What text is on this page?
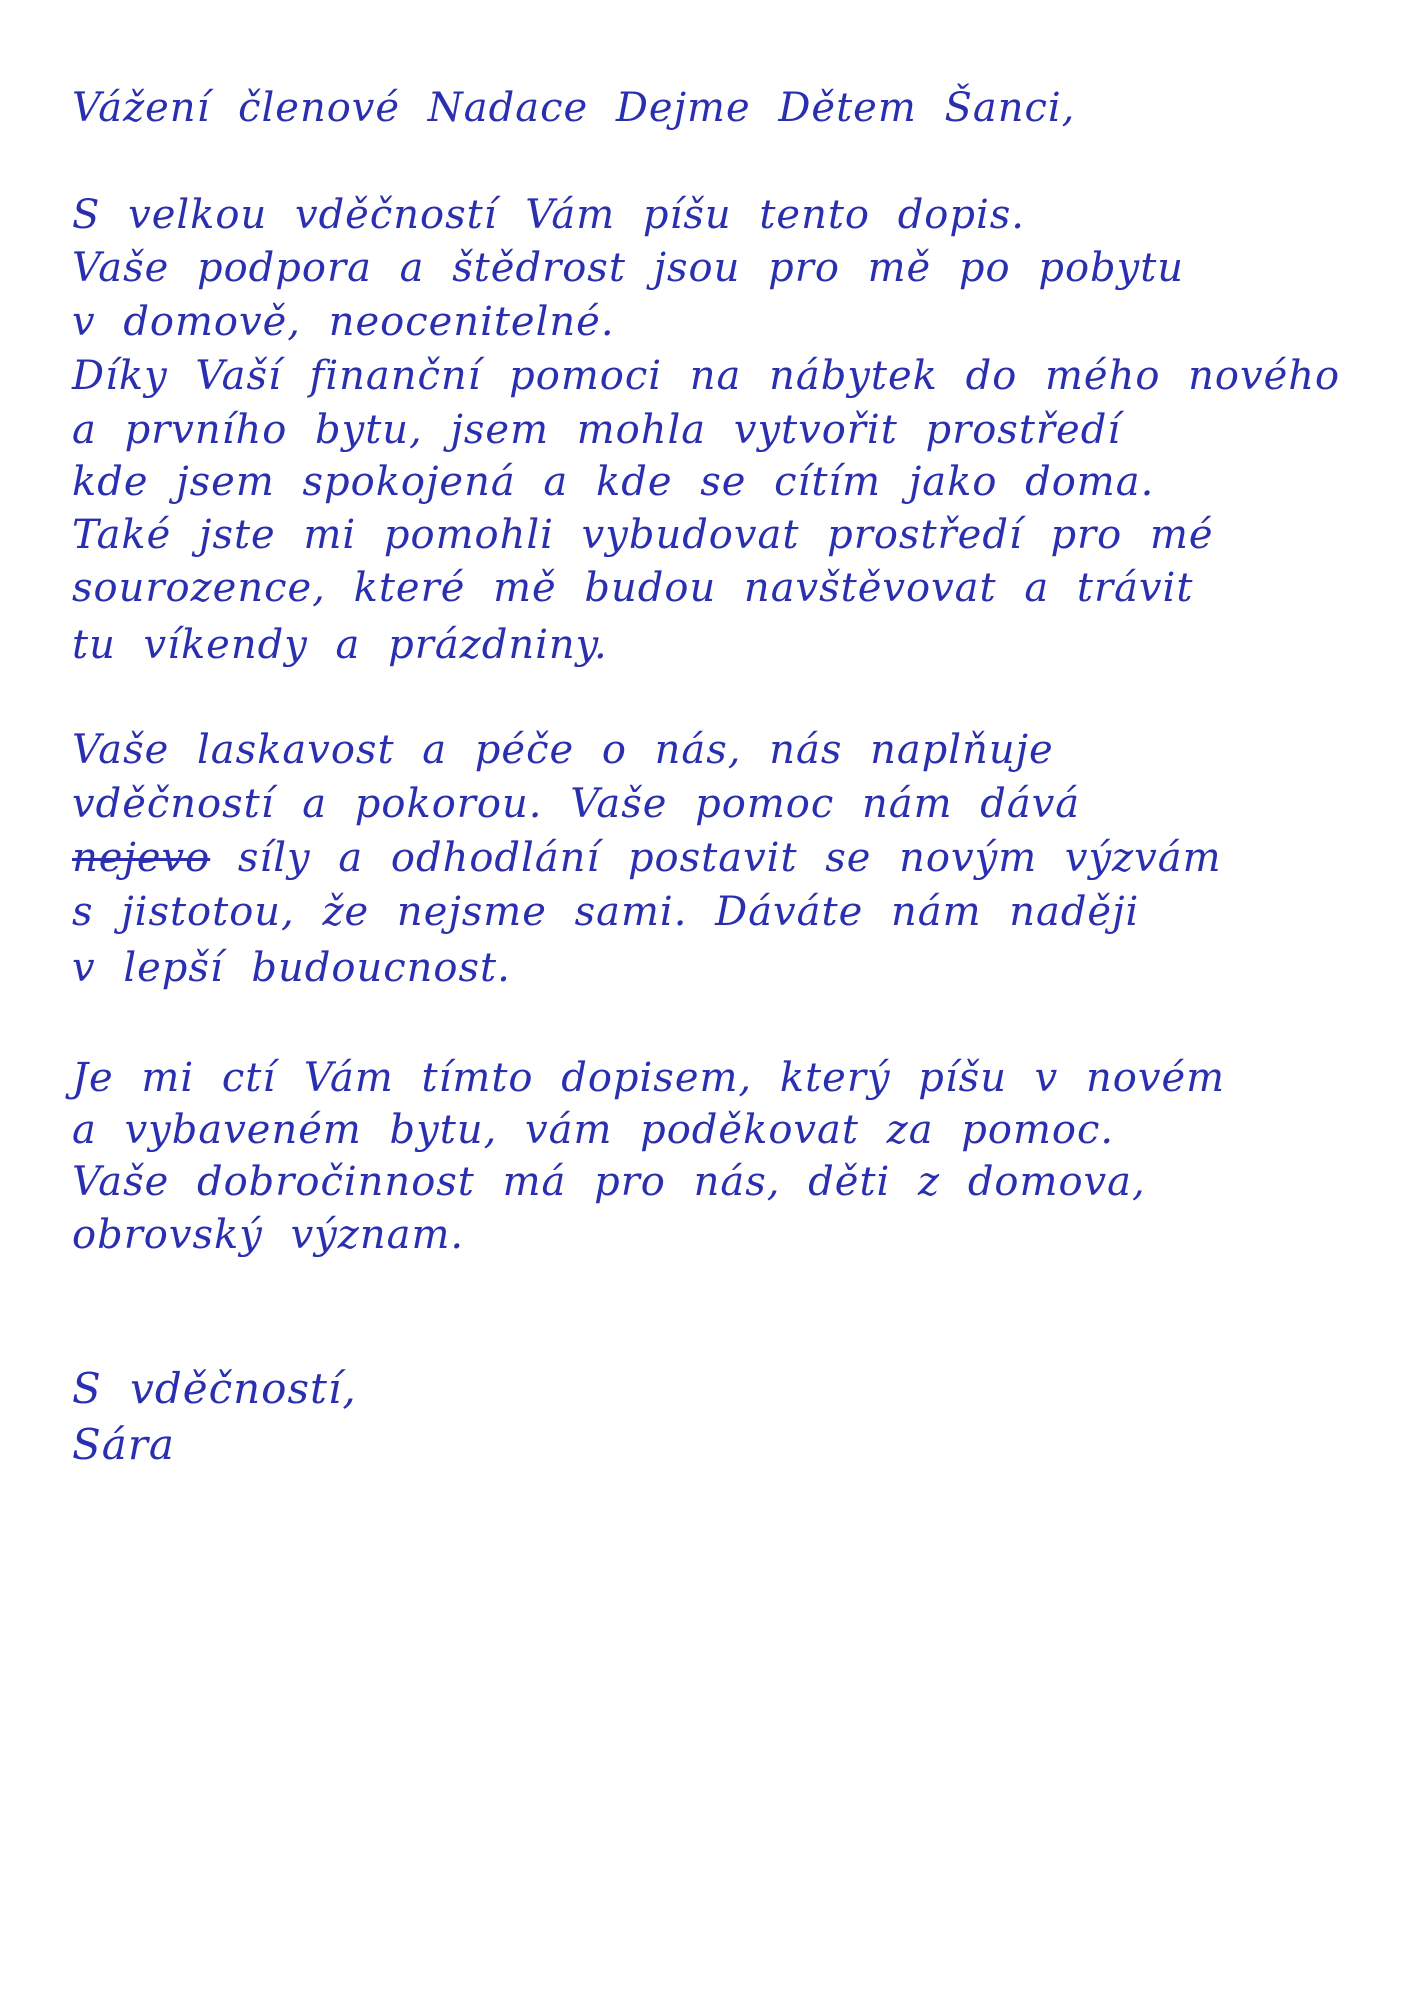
Vážení členové Nadace Dejme Dětem Šanci,
S velkou vděčností Vám píšu tento dopis.
Vaše podpora a štědrost jsou pro mě po pobytu
v domově, neocenitelné.
Díky Vaší finanční pomoci na nábytek do mého nového
a prvního bytu, jsem mohla vytvořit prostředí
kde jsem spokojená a kde se cítím jako doma.
Také jste mi pomohli vybudovat prostředí pro mé
sourozence, které mě budou navštěvovat a trávit
tu víkendy a prázdniny.
Vaše laskavost a péče o nás, nás naplňuje
vděčností a pokorou. Vaše pomoc nám dává
nejevo síly a odhodlání postavit se novým výzvám
s jistotou, že nejsme sami. Dáváte nám naději
v lepší budoucnost.
Je mi ctí Vám tímto dopisem, který píšu v novém
a vybaveném bytu, vám poděkovat za pomoc.
Vaše dobročinnost má pro nás, děti z domova,
obrovský význam.
S vděčností,
Sára
